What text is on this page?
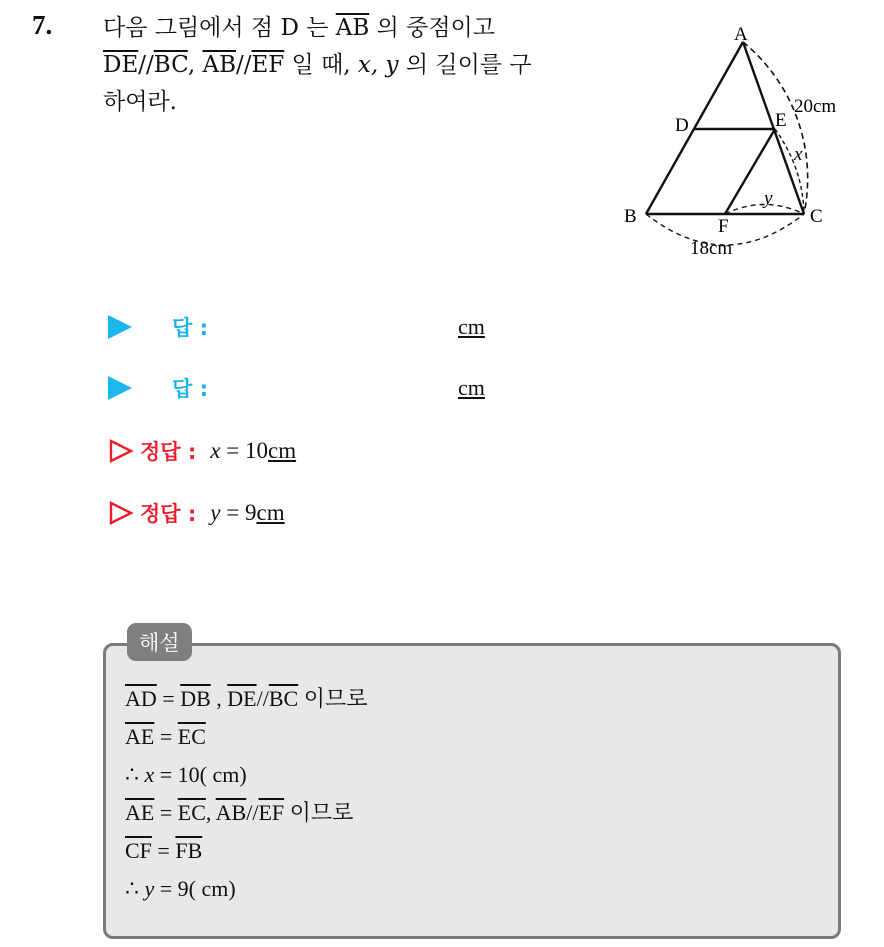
7. 다음 그림에서 점 D 는 $\overline{AB}$ 의 중점이고
$\overline{DE}//\overline{BC}$, $\overline{AB}//\overline{EF}$ 일 때, x, y 의 길이를 구
하여라.
A
D	E
B	C
F
20cm
x
y
18cm
답 :	cm
답 :	cm
정답 : x = 10cm
정답 : y = 9cm
해설
$\overline{AD} = \overline{DB}$ , $\overline{DE}//\overline{BC}$ 이므로
$\overline{AE} = \overline{EC}$
∴ x = 10( cm)
$\overline{AE} = \overline{EC}$, $\overline{AB}//\overline{EF}$ 이므로
$\overline{CF} = \overline{FB}$
∴ y = 9( cm)
